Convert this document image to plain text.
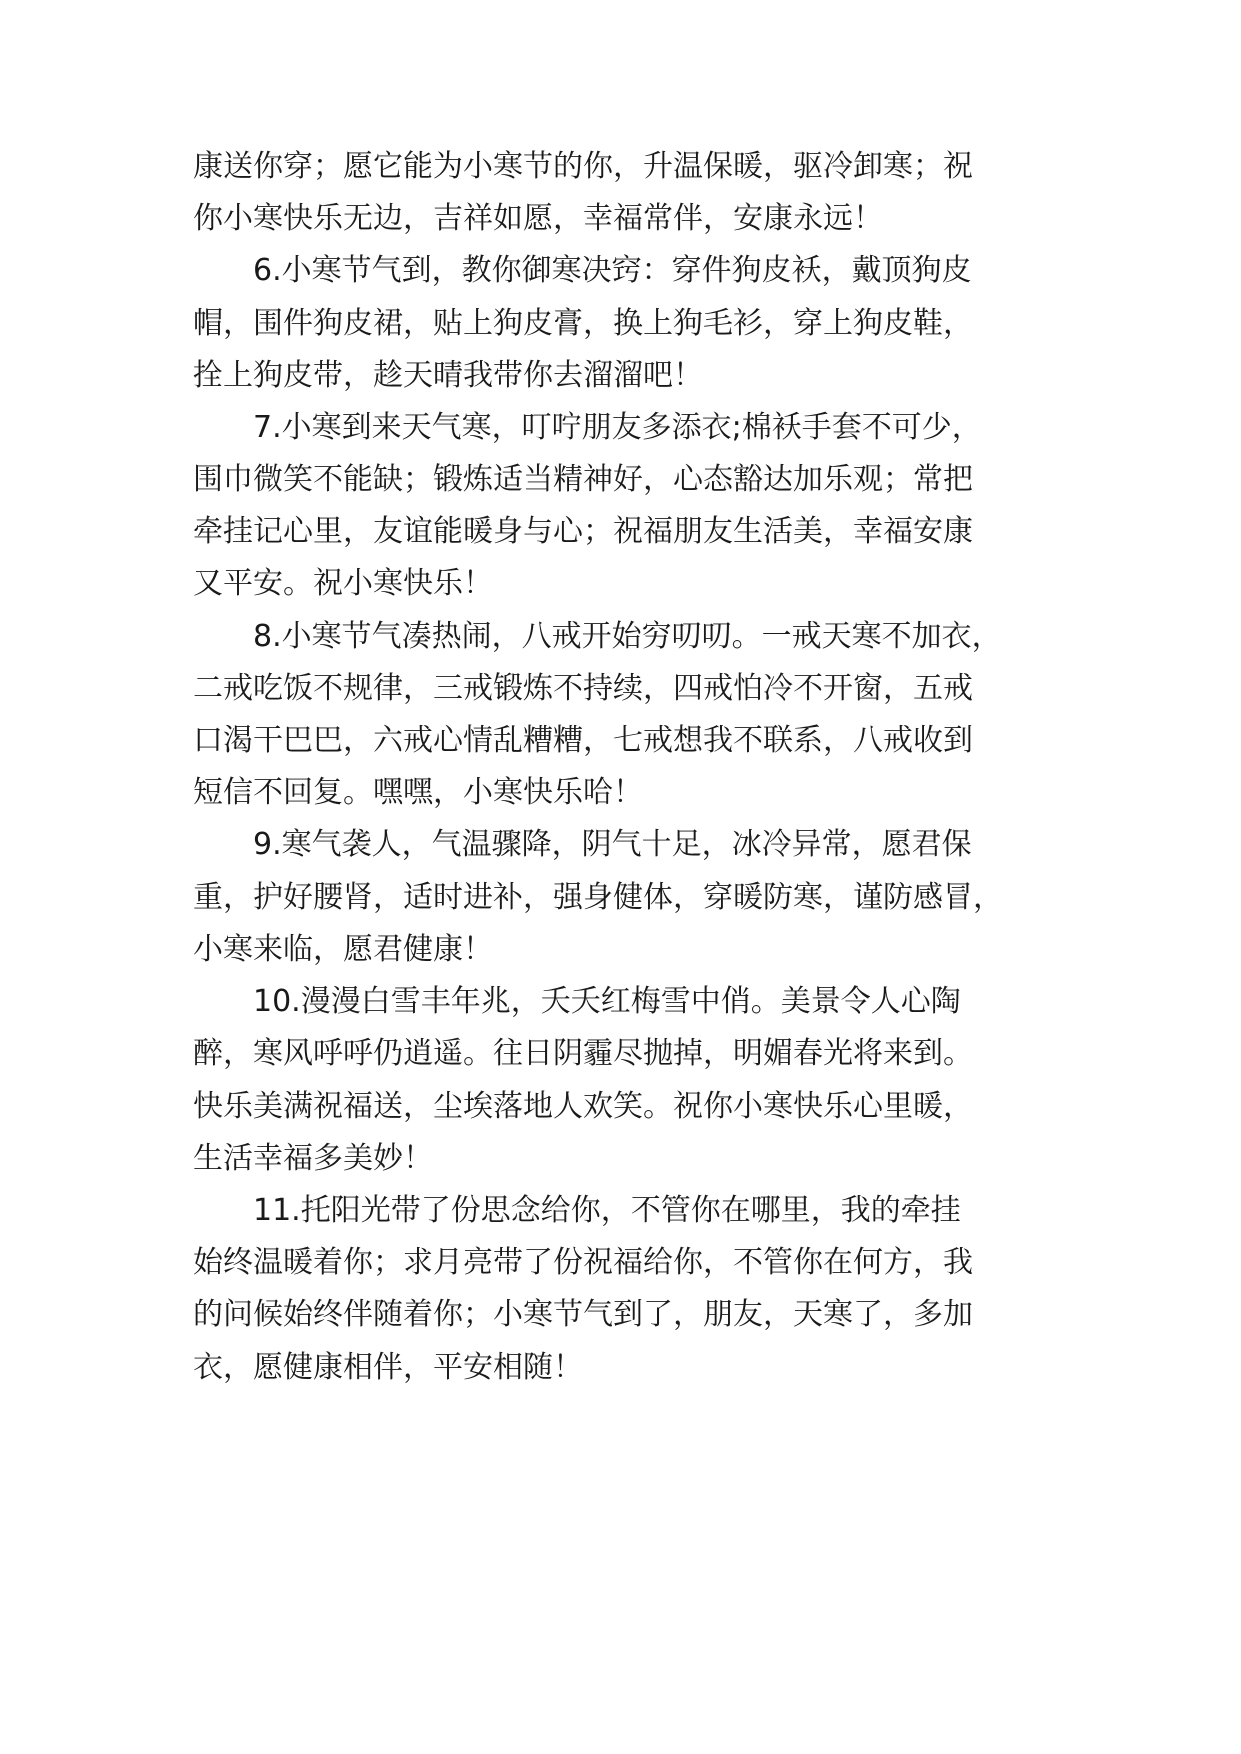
康送你穿；愿它能为小寒节的你，升温保暖，驱冷卸寒；祝
你小寒快乐无边，吉祥如愿，幸福常伴，安康永远！
6.小寒节气到，教你御寒决窍：穿件狗皮袄，戴顶狗皮
帽，围件狗皮裙，贴上狗皮膏，换上狗毛衫，穿上狗皮鞋，
拴上狗皮带，趁天晴我带你去溜溜吧！
7.小寒到来天气寒，叮咛朋友多添衣;棉袄手套不可少，
围巾微笑不能缺；锻炼适当精神好，心态豁达加乐观；常把
牵挂记心里，友谊能暖身与心；祝福朋友生活美，幸福安康
又平安。祝小寒快乐！
8.小寒节气凑热闹，八戒开始穷叨叨。一戒天寒不加衣，
二戒吃饭不规律，三戒锻炼不持续，四戒怕冷不开窗，五戒
口渴干巴巴，六戒心情乱糟糟，七戒想我不联系，八戒收到
短信不回复。嘿嘿，小寒快乐哈！
9.寒气袭人，气温骤降，阴气十足，冰冷异常，愿君保
重，护好腰肾，适时进补，强身健体，穿暖防寒，谨防感冒，
小寒来临，愿君健康！
10.漫漫白雪丰年兆，夭夭红梅雪中俏。美景令人心陶
醉，寒风呼呼仍逍遥。往日阴霾尽抛掉，明媚春光将来到。
快乐美满祝福送，尘埃落地人欢笑。祝你小寒快乐心里暖，
生活幸福多美妙！
11.托阳光带了份思念给你，不管你在哪里，我的牵挂
始终温暖着你；求月亮带了份祝福给你，不管你在何方，我
的问候始终伴随着你；小寒节气到了，朋友，天寒了，多加
衣，愿健康相伴，平安相随！
